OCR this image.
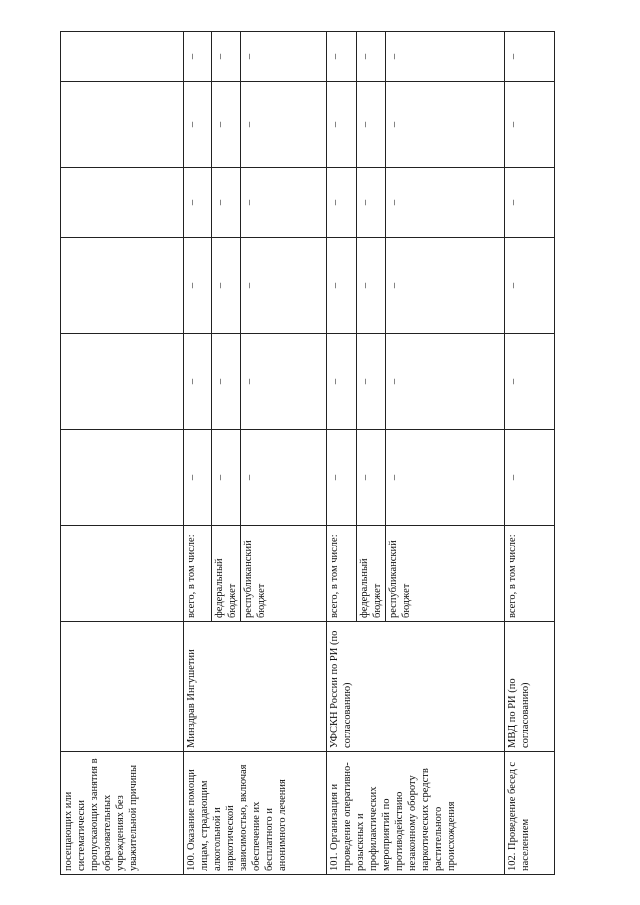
посещающих или систематически пропускающих занятия в образовательных учреждениях без уважительной причины								
100. Оказание помощи лицам, страдающим алкогольной и наркотической зависимостью, включая обеспечение их бесплатного и анонимного лечения	Минздрав Ингушетии	всего, в том числе:	–	–	–	–	–	–
		федеральный бюджет	–	–	–	–	–	–
		республиканский бюджет	–	–	–	–	–	–
101. Организация и проведение оперативно-розыскных и профилактических мероприятий по противодействию незаконному обороту наркотических средств растительного происхождения	УФСКН России по РИ (по согласованию)	всего, в том числе:	–	–	–	–	–	–
		федеральный бюджет	–	–	–	–	–	–
		республиканский бюджет	–	–	–	–	–	–
102. Проведение бесед с населением	МВД по РИ (по согласованию)	всего, в том числе:	–	–	–	–	–	–
